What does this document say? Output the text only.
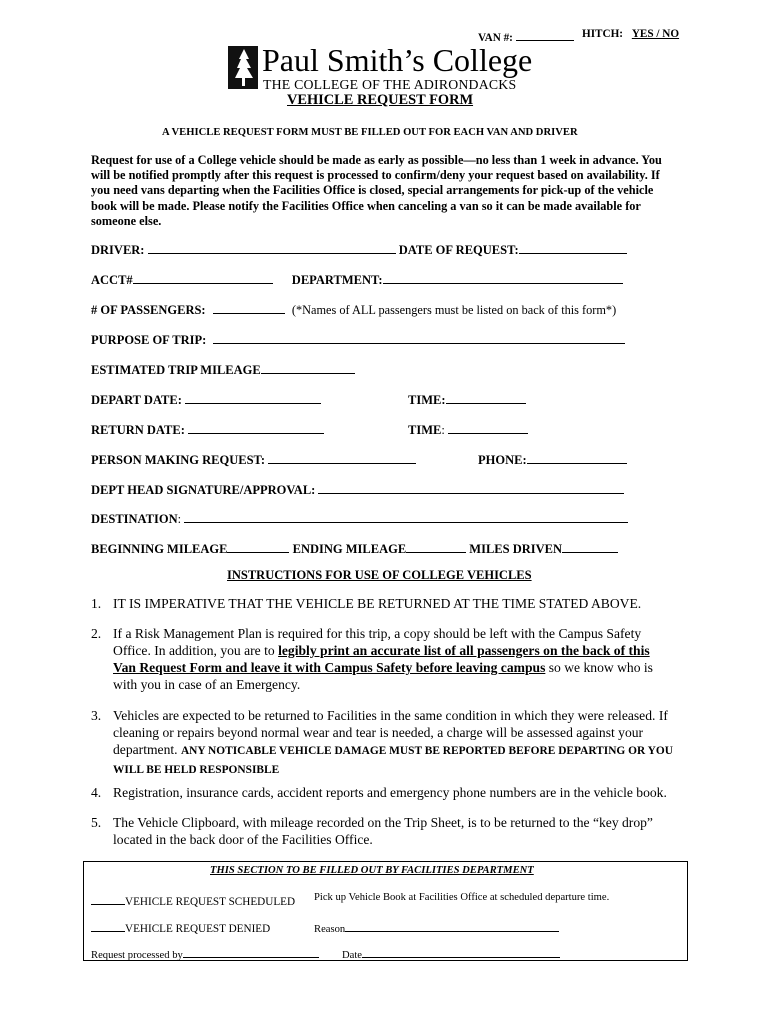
VAN #:	HITCH: YES / NO
Paul Smith’s College
THE COLLEGE OF THE ADIRONDACKS
VEHICLE REQUEST FORM
A VEHICLE REQUEST FORM MUST BE FILLED OUT FOR EACH VAN AND DRIVER
Request for use of a College vehicle should be made as early as possible—no less than 1 week in advance. You will be notified promptly after this request is processed to confirm/deny your request based on availability. If you need vans departing when the Facilities Office is closed, special arrangements for pick-up of the vehicle book will be made. Please notify the Facilities Office when canceling a van so it can be made available for someone else.
DRIVER:	DATE OF REQUEST:
ACCT#	DEPARTMENT:
# OF PASSENGERS:	(*Names of ALL passengers must be listed on back of this form*)
PURPOSE OF TRIP:
ESTIMATED TRIP MILEAGE
DEPART DATE:	TIME:
RETURN DATE:	TIME:
PERSON MAKING REQUEST:	PHONE:
DEPT HEAD SIGNATURE/APPROVAL:
DESTINATION:
BEGINNING MILEAGE	ENDING MILEAGE	MILES DRIVEN
INSTRUCTIONS FOR USE OF COLLEGE VEHICLES
1. IT IS IMPERATIVE THAT THE VEHICLE BE RETURNED AT THE TIME STATED ABOVE.
2. If a Risk Management Plan is required for this trip, a copy should be left with the Campus Safety Office. In addition, you are to legibly print an accurate list of all passengers on the back of this Van Request Form and leave it with Campus Safety before leaving campus so we know who is with you in case of an Emergency.
3. Vehicles are expected to be returned to Facilities in the same condition in which they were released. If cleaning or repairs beyond normal wear and tear is needed, a charge will be assessed against your department. ANY NOTICABLE VEHICLE DAMAGE MUST BE REPORTED BEFORE DEPARTING OR YOU WILL BE HELD RESPONSIBLE
4. Registration, insurance cards, accident reports and emergency phone numbers are in the vehicle book.
5. The Vehicle Clipboard, with mileage recorded on the Trip Sheet, is to be returned to the “key drop” located in the back door of the Facilities Office.
THIS SECTION TO BE FILLED OUT BY FACILITIES DEPARTMENT
VEHICLE REQUEST SCHEDULED Pick up Vehicle Book at Facilities Office at scheduled departure time.
VEHICLE REQUEST DENIED	Reason
Request processed by	Date
